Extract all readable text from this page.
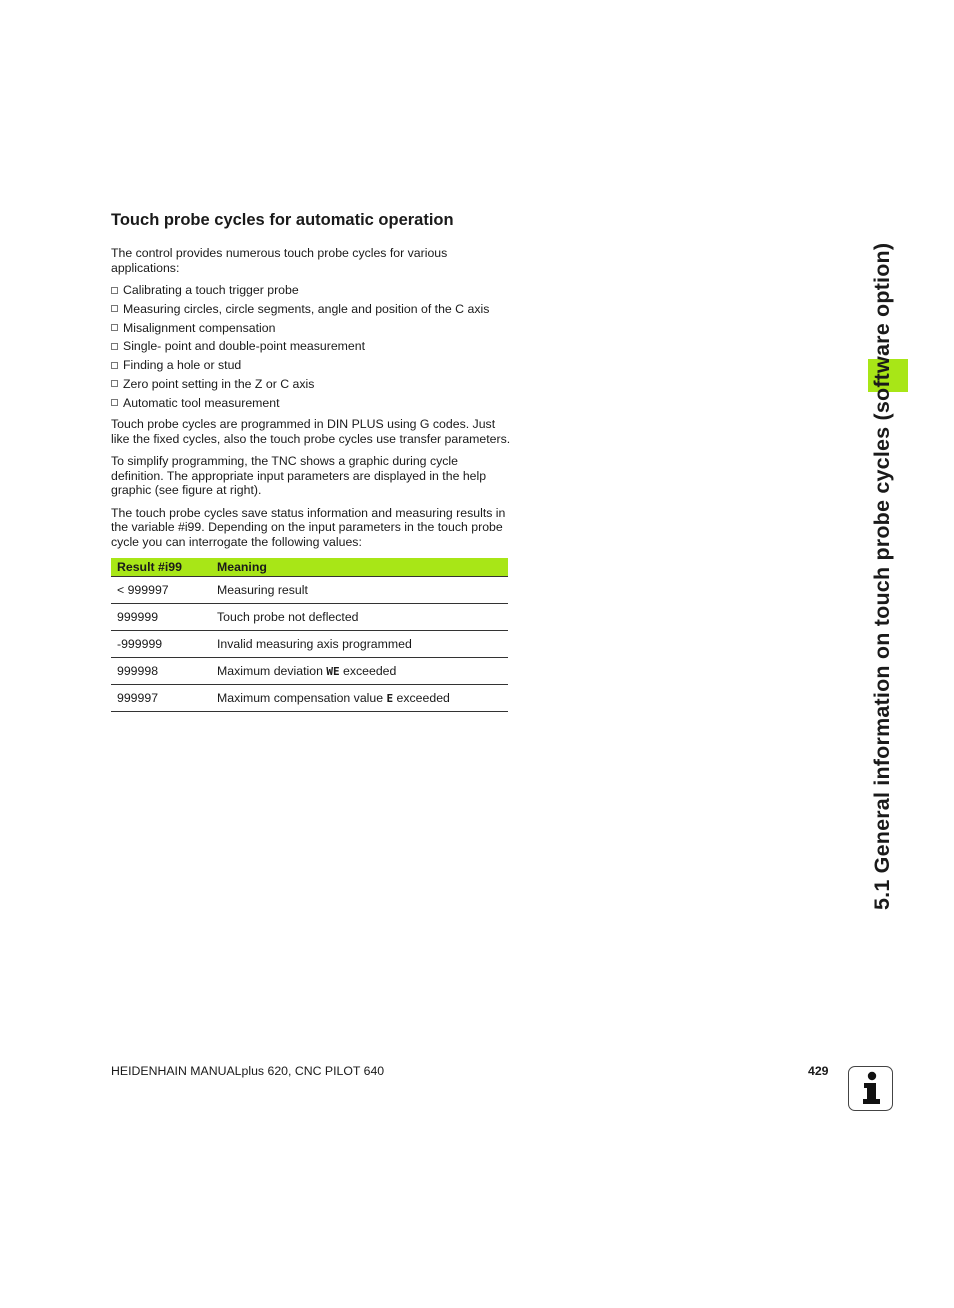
Touch probe cycles for automatic operation

The control provides numerous touch probe cycles for various applications:

Calibrating a touch trigger probe
Measuring circles, circle segments, angle and position of the C axis
Misalignment compensation
Single- point and double-point measurement
Finding a hole or stud
Zero point setting in the Z or C axis
Automatic tool measurement

Touch probe cycles are programmed in DIN PLUS using G codes. Just like the fixed cycles, also the touch probe cycles use transfer parameters.

To simplify programming, the TNC shows a graphic during cycle definition. The appropriate input parameters are displayed in the help graphic (see figure at right).

The touch probe cycles save status information and measuring results in the variable #i99. Depending on the input parameters in the touch probe cycle you can interrogate the following values:

Result #i99	Meaning
< 999997	Measuring result
999999	Touch probe not deflected
-999999	Invalid measuring axis programmed
999998	Maximum deviation WE exceeded
999997	Maximum compensation value E exceeded	5.1 General information on touch probe cycles (software option)
HEIDENHAIN MANUALplus 620, CNC PILOT 640	429
